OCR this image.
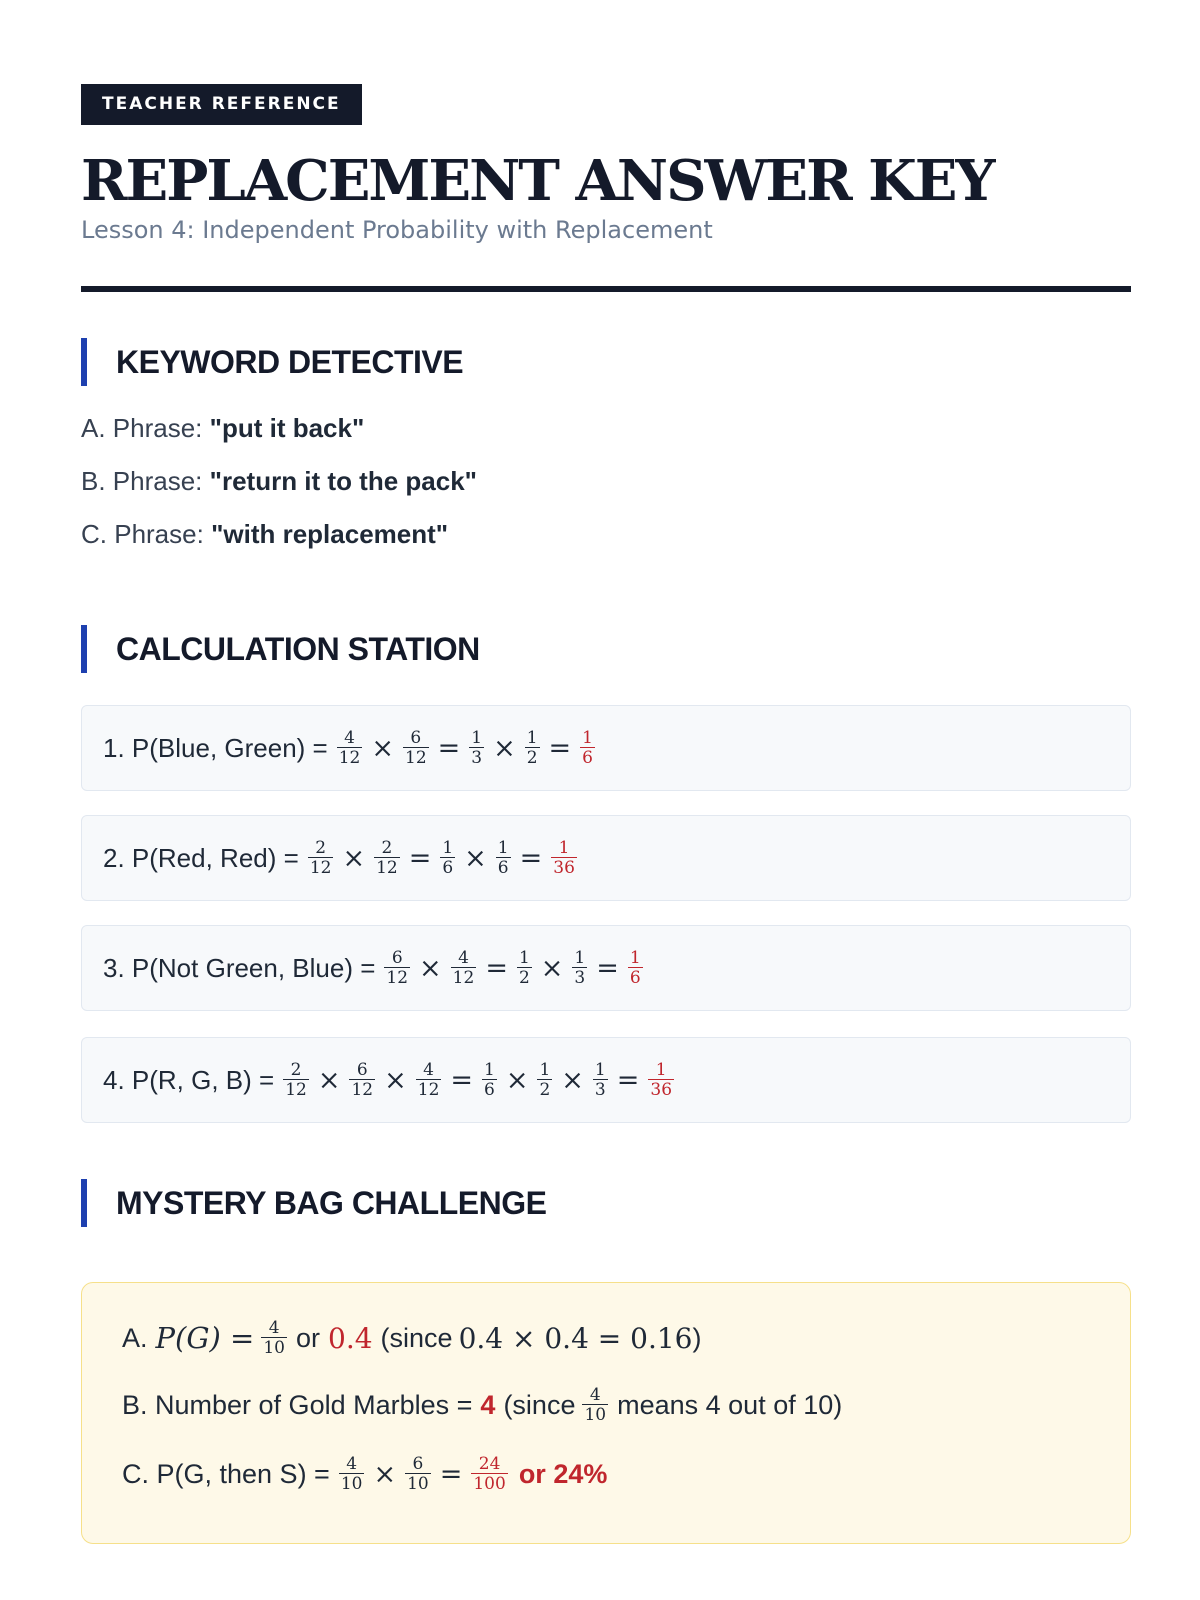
TEACHER REFERENCE
REPLACEMENT ANSWER KEY
Lesson 4: Independent Probability with Replacement
KEYWORD DETECTIVE
A. Phrase: "put it back"
B. Phrase: "return it to the pack"
C. Phrase: "with replacement"
CALCULATION STATION
1. P(Blue, Green) = $\frac{4}{12} \times \frac{6}{12} = \frac{1}{3} \times \frac{1}{2} = \frac{1}{6}$
2. P(Red, $Red) = \frac{2}{12} \times \frac{2}{12} = \frac{1}{6} \times \frac{1}{6} = \frac{1}{36}$
3. P(Not Green, Blue) = $\frac{6}{12} \times \frac{4}{12} = \frac{1}{2} \times \frac{1}{3} = \frac{1}{6}$
4. P(R, G, $B) = \frac{2}{12} \times \frac{6}{12} \times \frac{4}{12} = \frac{1}{6} \times \frac{1}{2} \times \frac{1}{3} = \frac{1}{36}$
MYSTERY BAG CHALLENGE
A. $P(G) = \frac{4}{10}$ or 0.4 (since 0.4 × 0.4 = 0.16 )
B. Number of Gold Marbles = 4 (since $\frac{4}{10}$ means 4 out of 10)
C. P(G, then $S) = \frac{4}{10} \times \frac{6}{10} = \frac{24}{100}$ or 24%
